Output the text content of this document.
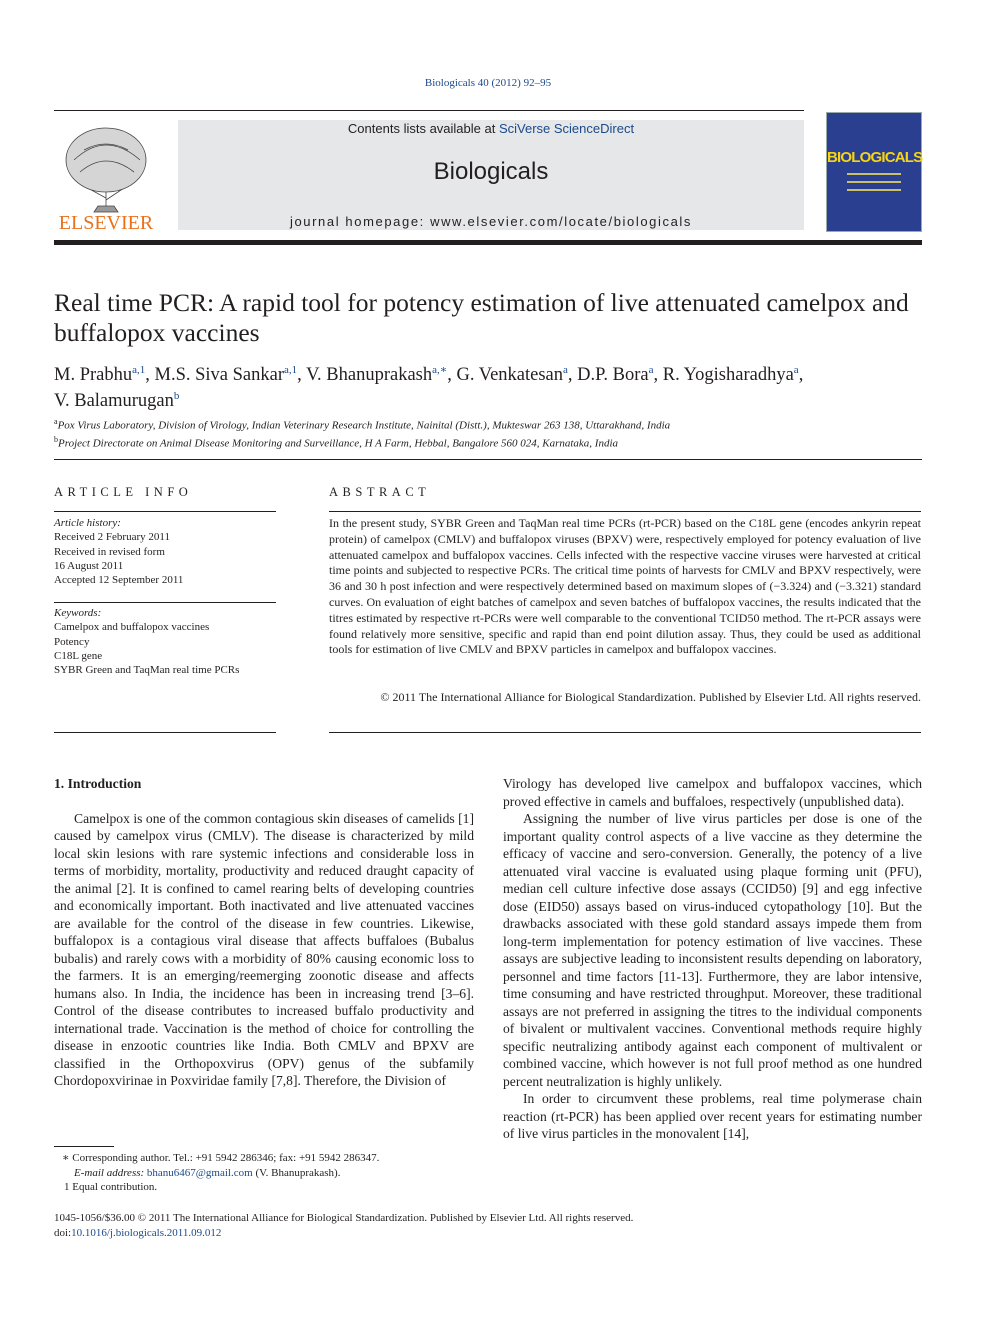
Biologicals 40 (2012) 92–95
ELSEVIER
Contents lists available at SciVerse ScienceDirect
Biologicals
journal homepage: www.elsevier.com/locate/biologicals
BIOLOGICALS
Real time PCR: A rapid tool for potency estimation of live attenuated camelpox and buffalopox vaccines
M. Prabhu$^{a,1}$, M.S. Siva Sankar$^{a,1}$, V. Bhanuprakash$^{a,∗}$, G. Venkatesan$^a$, D.P. Bora$^a$, R. Yogisharadhya$^a$,
V. Balamurugan$^b$
$^a$Pox Virus Laboratory, Division of Virology, Indian Veterinary Research Institute, Nainital (Distt.), Mukteswar 263 138, Uttarakhand, India
$^b$Project Directorate on Animal Disease Monitoring and Surveillance, H A Farm, Hebbal, Bangalore 560 024, Karnataka, India
ARTICLE INFO
Article history:
Received 2 February 2011
Received in revised form
16 August 2011
Accepted 12 September 2011
Keywords:
Camelpox and buffalopox vaccines
Potency
C18L gene
SYBR Green and TaqMan real time PCRs
ABSTRACT
In the present study, SYBR Green and TaqMan real time PCRs (rt-PCR) based on the C18L gene (encodes ankyrin repeat protein) of camelpox (CMLV) and buffalopox viruses (BPXV) were, respectively employed for potency evaluation of live attenuated camelpox and buffalopox vaccines. Cells infected with the respective vaccine viruses were harvested at critical time points and subjected to respective PCRs. The critical time points of harvests for CMLV and BPXV respectively, were 36 and 30 h post infection and were respectively determined based on maximum slopes of (−3.324) and (−3.321) standard curves. On evaluation of eight batches of camelpox and seven batches of buffalopox vaccines, the results indicated that the titres estimated by respective rt-PCRs were well comparable to the conventional TCID50 method. The rt-PCR assays were found relatively more sensitive, specific and rapid than end point dilution assay. Thus, they could be used as additional tools for estimation of live CMLV and BPXV particles in camelpox and buffalopox vaccines.
© 2011 The International Alliance for Biological Standardization. Published by Elsevier Ltd. All rights reserved.
1. Introduction

Camelpox is one of the common contagious skin diseases of camelids [1] caused by camelpox virus (CMLV). The disease is characterized by mild local skin lesions with rare systemic infections and considerable loss in terms of morbidity, mortality, productivity and reduced draught capacity of the animal [2]. It is confined to camel rearing belts of developing countries and economically important. Both inactivated and live attenuated vaccines are available for the control of the disease in few countries. Likewise, buffalopox is a contagious viral disease that affects buffaloes (Bubalus bubalis) and rarely cows with a morbidity of 80% causing economic loss to the farmers. It is an emerging/reemerging zoonotic disease and affects humans also. In India, the incidence has been in increasing trend [3–6]. Control of the disease contributes to increased buffalo productivity and international trade. Vaccination is the method of choice for controlling the disease in enzootic countries like India. Both CMLV and BPXV are classified in the Orthopoxvirus (OPV) genus of the subfamily Chordopoxvirinae in Poxviridae family [7,8]. Therefore, the Division of

Virology has developed live camelpox and buffalopox vaccines, which proved effective in camels and buffaloes, respectively (unpublished data).

Assigning the number of live virus particles per dose is one of the important quality control aspects of a live vaccine as they determine the efficacy of vaccine and sero-conversion. Generally, the potency of a live attenuated viral vaccine is evaluated using plaque forming unit (PFU), median cell culture infective dose assays (CCID50) [9] and egg infective dose (EID50) assays based on virus-induced cytopathology [10]. But the drawbacks associated with these gold standard assays impede them from long-term implementation for potency estimation of live vaccines. These assays are subjective leading to inconsistent results depending on laboratory, personnel and time factors [11-13]. Furthermore, they are labor intensive, time consuming and have restricted throughput. Moreover, these traditional assays are not preferred in assigning the titres to the individual components of bivalent or multivalent vaccines. Conventional methods require highly specific neutralizing antibody against each component of multivalent or combined vaccine, which however is not full proof method as one hundred percent neutralization is highly unlikely.

In order to circumvent these problems, real time polymerase chain reaction (rt-PCR) has been applied over recent years for estimating number of live virus particles in the monovalent [14],

∗ Corresponding author. Tel.: +91 5942 286346; fax: +91 5942 286347.
E-mail address: bhanu6467@gmail.com (V. Bhanuprakash).
1 Equal contribution.
1045-1056/$36.00 © 2011 The International Alliance for Biological Standardization. Published by Elsevier Ltd. All rights reserved.
doi:10.1016/j.biologicals.2011.09.012
